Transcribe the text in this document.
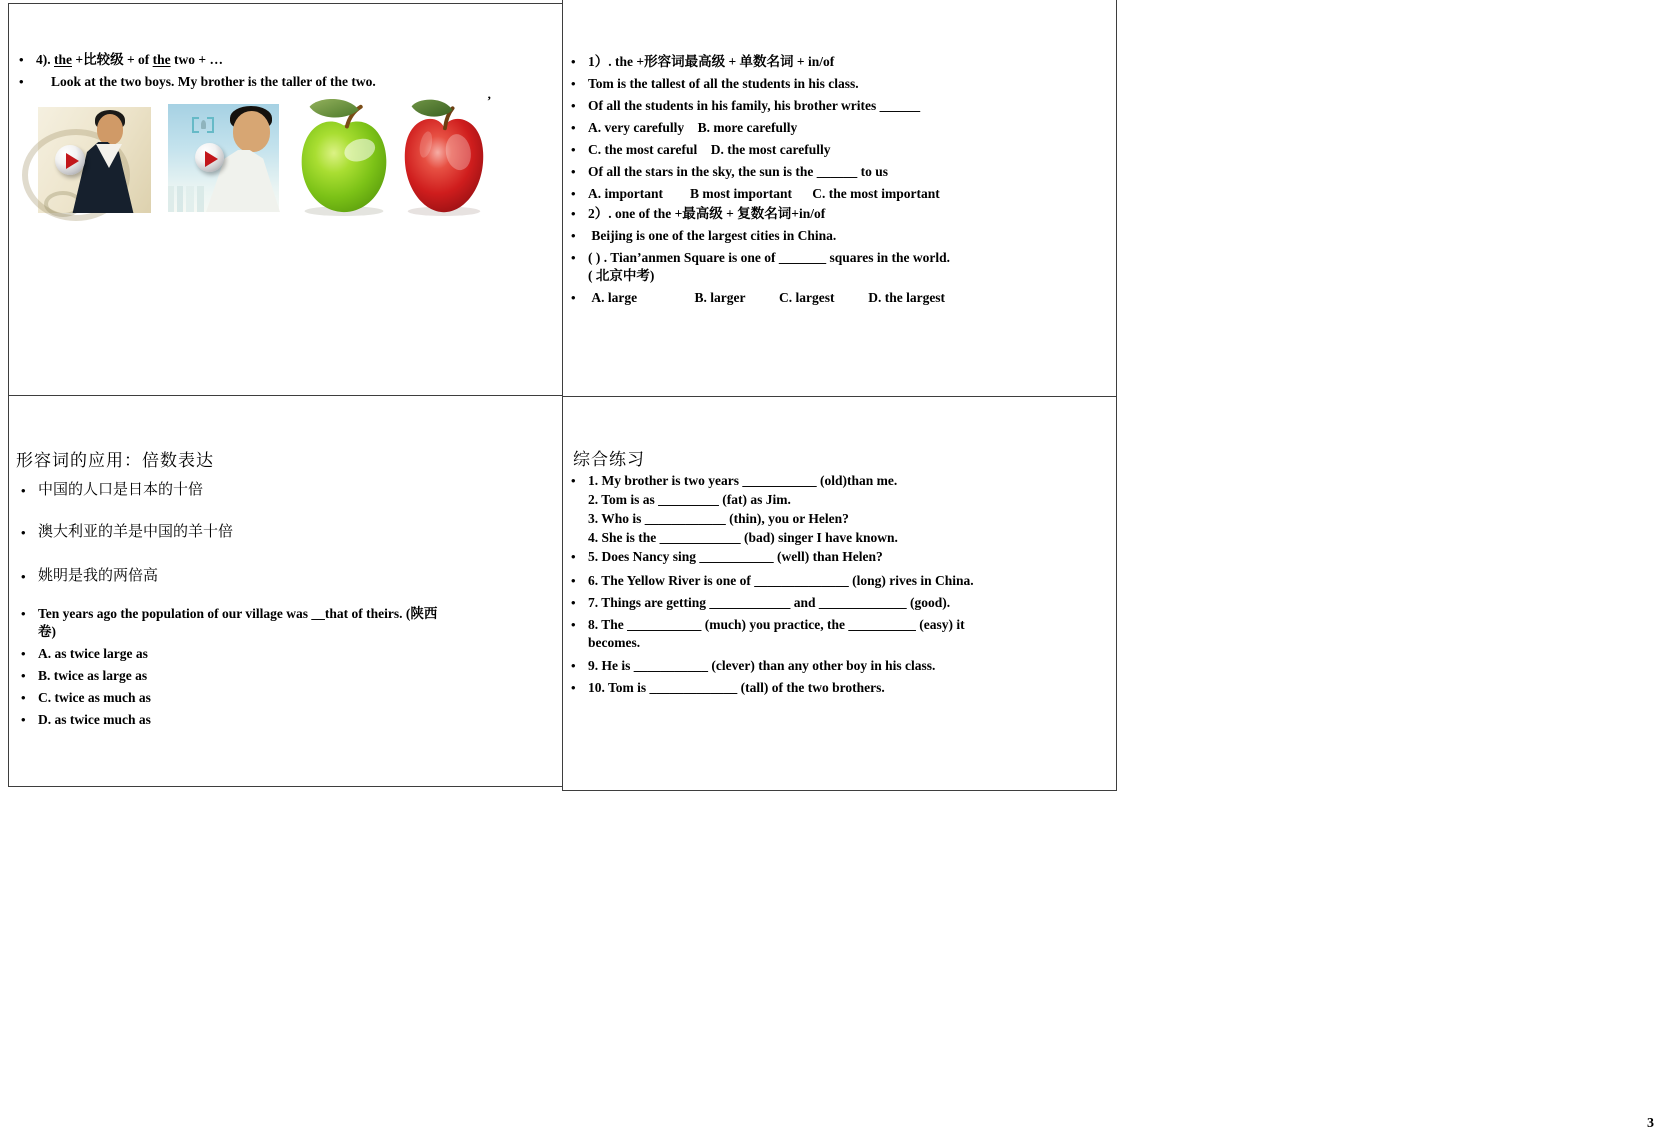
•
4). the +比较级 + of the two + …
•
Look at the two boys. My brother is the taller of the two.
’
•
1）. the +形容词最高级 + 单数名词 + in/of
•
Tom is the tallest of all the students in his class.
•
Of all the students in his family, his brother writes ______
•
A. very carefully    B. more carefully
•
C. the most careful    D. the most carefully
•
Of all the stars in the sky, the sun is the ______ to us
•
A. important        B most important      C. the most important
•
2）. one of the +最高级 + 复数名词+in/of
•
Beijing is one of the largest cities in China.
•
( ) . Tian’anmen Square is one of _______ squares in the world.
( 北京中考)
•
A. large                 B. larger          C. largest          D. the largest
形容词的应用：倍数表达
•
中国的人口是日本的十倍
•
澳大利亚的羊是中国的羊十倍
•
姚明是我的两倍高
•
Ten years ago the population of our village was __that of theirs. (陕西
卷)
•
A. as twice large as
•
B. twice as large as
•
C. twice as much as
•
D. as twice much as
综合练习
•
1. My brother is two years ___________ (old)than me.
2. Tom is as _________ (fat) as Jim.
3. Who is ____________ (thin), you or Helen?
4. She is the ____________ (bad) singer I have known.
•
5. Does Nancy sing ___________ (well) than Helen?
•
6. The Yellow River is one of ______________ (long) rives in China.
•
7. Things are getting ____________ and _____________ (good).
•
8. The ___________ (much) you practice, the __________ (easy) it
becomes.
•
9. He is ___________ (clever) than any other boy in his class.
•
10. Tom is _____________ (tall) of the two brothers.
3
